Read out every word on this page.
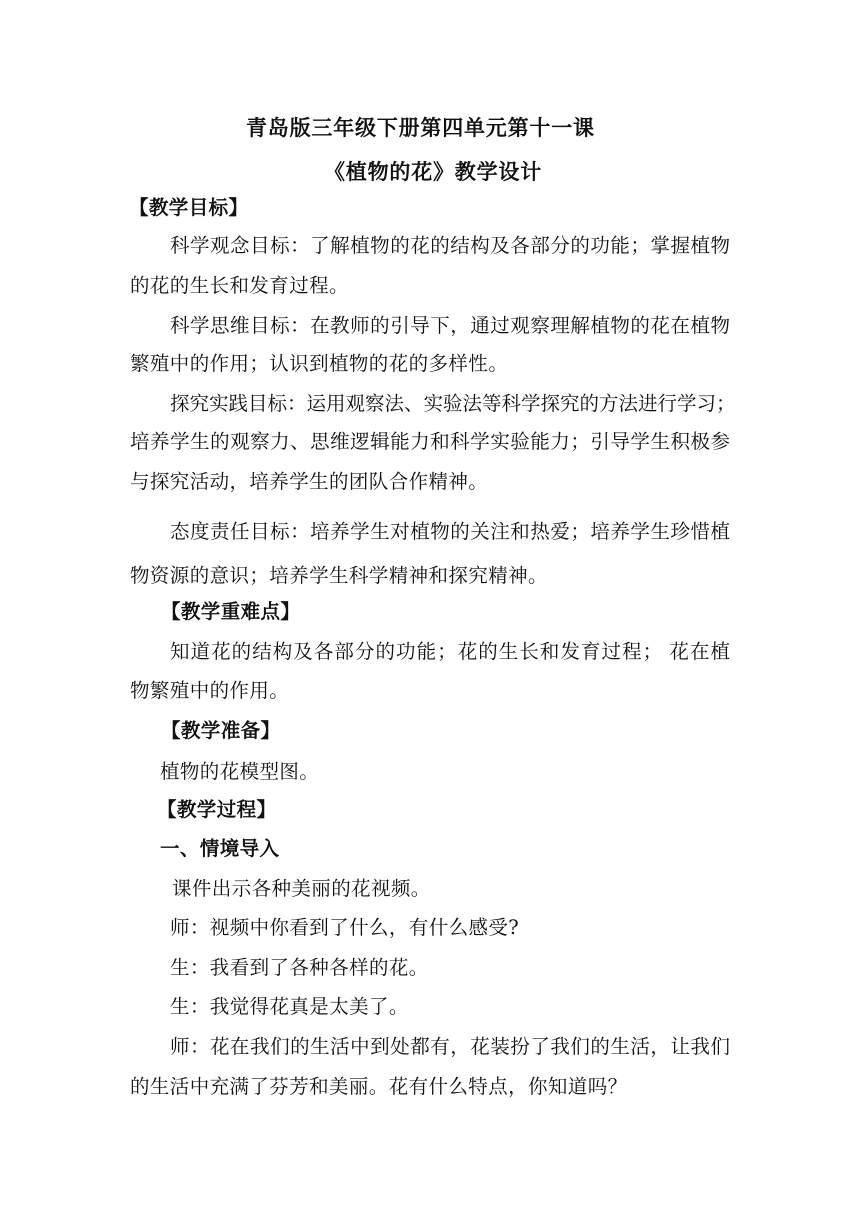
青岛版三年级下册第四单元第十一课
《植物的花》教学设计
【教学目标】
科学观念目标：了解植物的花的结构及各部分的功能；掌握植物
的花的生长和发育过程。
科学思维目标：在教师的引导下，通过观察理解植物的花在植物
繁殖中的作用；认识到植物的花的多样性。
探究实践目标：运用观察法、实验法等科学探究的方法进行学习；
培养学生的观察力、思维逻辑能力和科学实验能力；引导学生积极参
与探究活动，培养学生的团队合作精神。
态度责任目标：培养学生对植物的关注和热爱；培养学生珍惜植
物资源的意识；培养学生科学精神和探究精神。
【教学重难点】
知道花的结构及各部分的功能；花的生长和发育过程； 花在植
物繁殖中的作用。
【教学准备】
植物的花模型图。
【教学过程】
一、情境导入
课件出示各种美丽的花视频。
师：视频中你看到了什么，有什么感受?
生：我看到了各种各样的花。
生：我觉得花真是太美了。
师：花在我们的生活中到处都有，花装扮了我们的生活，让我们
的生活中充满了芬芳和美丽。花有什么特点，你知道吗？
